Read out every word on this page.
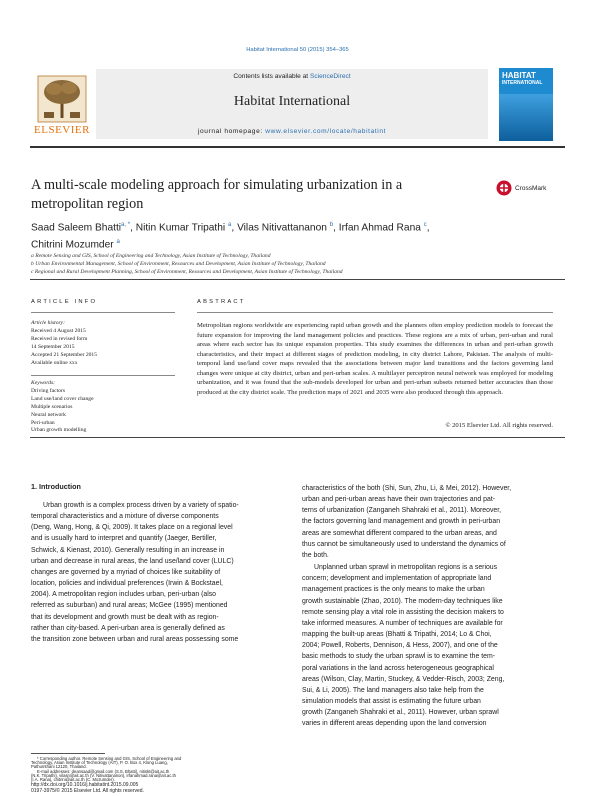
Habitat International 50 (2015) 354–365
ELSEVIER
Contents lists available at ScienceDirect
Habitat International
journal homepage: www.elsevier.com/locate/habitatint
HABITAT
INTERNATIONAL
A multi-scale modeling approach for simulating urbanization in a metropolitan region
CrossMark
Saad Saleem Bhatti$^{a, *}$, Nitin Kumar Tripathi $^a$, Vilas Nitivattananon $^b$, Irfan Ahmad Rana $^c$,
Chitrini Mozumder $^a$
a Remote Sensing and GIS, School of Engineering and Technology, Asian Institute of Technology, Thailand
b Urban Environmental Management, School of Environment, Resources and Development, Asian Institute of Technology, Thailand
c Regional and Rural Development Planning, School of Environment, Resources and Development, Asian Institute of Technology, Thailand
ARTICLE INFO
Article history:
Received 4 August 2015
Received in revised form
14 September 2015
Accepted 21 September 2015
Available online xxx
Keywords:
Driving factors
Land use/land cover change
Multiple scenarios
Neural network
Peri-urban
Urban growth modelling
ABSTRACT
Metropolitan regions worldwide are experiencing rapid urban growth and the planners often employ prediction models to forecast the future expansion for improving the land management policies and practices. These regions are a mix of urban, peri-urban and rural areas where each sector has its unique expansion properties. This study examines the differences in urban and peri-urban growth characteristics, and their impact at different stages of prediction modeling, in city district Lahore, Pakistan. The analysis of multi-temporal land use/land cover maps revealed that the associations between major land transitions and the factors governing land changes were unique at city district, urban and peri-urban scales. A multilayer perceptron neural network was employed for modeling urbanization, and it was found that the sub-models developed for urban and peri-urban subsets returned better accuracies than those produced at the city district scale. The prediction maps of 2021 and 2035 were also produced through this approach.
© 2015 Elsevier Ltd. All rights reserved.
1. Introduction
Urban growth is a complex process driven by a variety of spatio-
temporal characteristics and a mixture of diverse components
(Deng, Wang, Hong, & Qi, 2009). It takes place on a regional level
and is usually hard to interpret and quantify (Jaeger, Bertiller,
Schwick, & Kienast, 2010). Generally resulting in an increase in
urban and decrease in rural areas, the land use/land cover (LULC)
changes are governed by a myriad of choices like suitability of
location, policies and individual preferences (Irwin & Bockstael,
2004). A metropolitan region includes urban, peri-urban (also
referred as suburban) and rural areas; McGee (1995) mentioned
that its development and growth must be dealt with as region-
rather than city-based. A peri-urban area is generally defined as
the transition zone between urban and rural areas possessing some
characteristics of the both (Shi, Sun, Zhu, Li, & Mei, 2012). However,
urban and peri-urban areas have their own trajectories and pat-
terns of urbanization (Zanganeh Shahraki et al., 2011). Moreover,
the factors governing land management and growth in peri-urban
areas are somewhat different compared to the urban areas, and
thus cannot be simultaneously used to understand the dynamics of
the both.
Unplanned urban sprawl in metropolitan regions is a serious
concern; development and implementation of appropriate land
management practices is the only means to make the urban
growth sustainable (Zhao, 2010). The modern-day techniques like
remote sensing play a vital role in assisting the decision makers to
take informed measures. A number of techniques are available for
mapping the built-up areas (Bhatti & Tripathi, 2014; Lo & Choi,
2004; Powell, Roberts, Dennison, & Hess, 2007), and one of the
basic methods to study the urban sprawl is to examine the tem-
poral variations in the land across heterogeneous geographical
areas (Wilson, Clay, Martin, Stuckey, & Vedder-Risch, 2003; Zeng,
Sui, & Li, 2005). The land managers also take help from the
simulation models that assist is estimating the future urban
growth (Zanganeh Shahraki et al., 2011). However, urban sprawl
varies in different areas depending upon the land conversion
* Corresponding author. Remote Sensing and GIS, School of Engineering and
Technology, Asian Institute of Technology (AIT), P. O. Box 4, Klong Luang,
Pathumthani 12120, Thailand.
E-mail addresses: deansaad@gmail.com (S.S. Bhatti), nitinkt@ait.ac.th
(N.K. Tripathi), vilasn@ait.ac.th (V. Nitivattananon), irfanahmad.rana@ait.ac.th
(I.A. Rana), chitrini@ait.ac.th (C. Mozumder).
http://dx.doi.org/10.1016/j.habitatint.2015.09.005
0197-3975/© 2015 Elsevier Ltd. All rights reserved.
